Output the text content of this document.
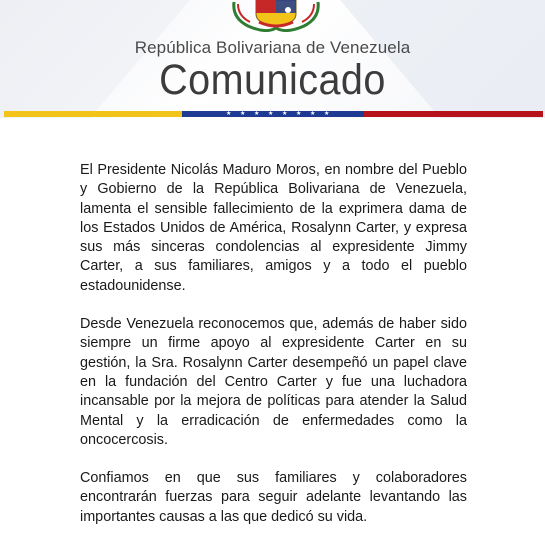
República Bolivariana de Venezuela
Comunicado
★ ★ ★ ★ ★ ★ ★ ★

El Presidente Nicolás Maduro Moros, en nombre del Pueblo y Gobierno de la República Bolivariana de Venezuela, lamenta el sensible fallecimiento de la exprimera dama de los Estados Unidos de América, Rosalynn Carter, y expresa sus más sinceras condolencias al expresidente Jimmy Carter, a sus familiares, amigos y a todo el pueblo estadounidense.

Desde Venezuela reconocemos que, además de haber sido siempre un firme apoyo al expresidente Carter en su gestión, la Sra. Rosalynn Carter desempeñó un papel clave en la fundación del Centro Carter y fue una luchadora incansable por la mejora de políticas para atender la Salud Mental y la erradicación de enfermedades como la oncocercosis.

Confiamos en que sus familiares y colaboradores encontrarán fuerzas para seguir adelante levantando las importantes causas a las que dedicó su vida.
